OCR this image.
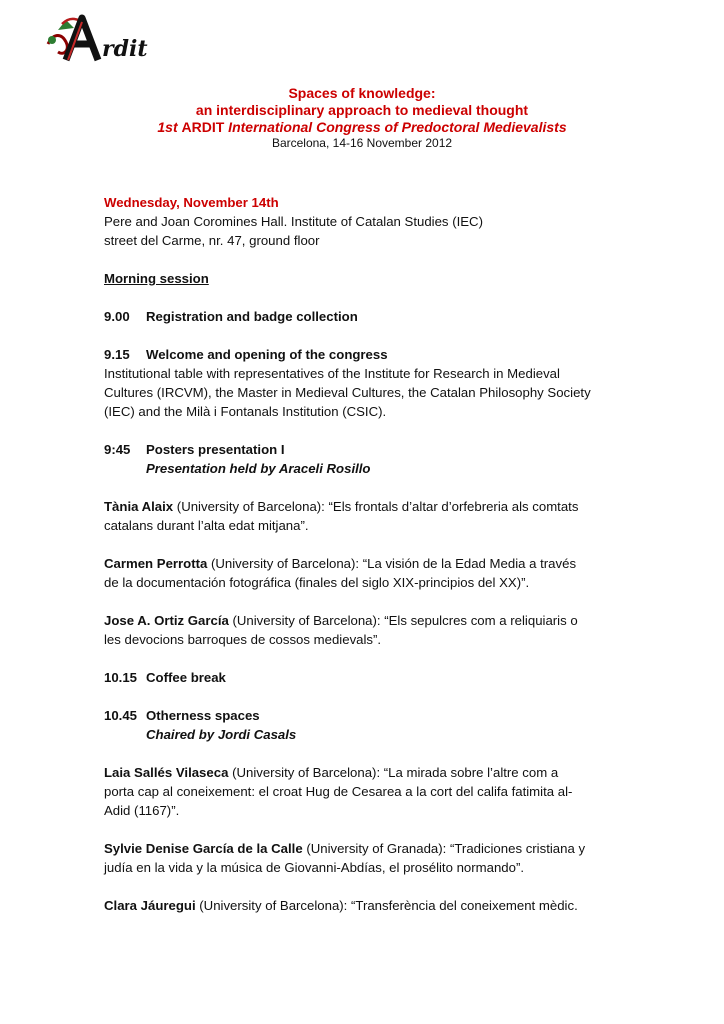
rdit
Spaces of knowledge:
an interdisciplinary approach to medieval thought
1st ARDIT International Congress of Predoctoral Medievalists
Barcelona, 14-16 November 2012
Wednesday, November 14th
Pere and Joan Coromines Hall. Institute of Catalan Studies (IEC)
street del Carme, nr. 47, ground floor
Morning session
9.00	Registration and badge collection
9.15	Welcome and opening of the congress
Institutional table with representatives of the Institute for Research in Medieval
Cultures (IRCVM), the Master in Medieval Cultures, the Catalan Philosophy Society
(IEC) and the Milà i Fontanals Institution (CSIC).
9:45	Posters presentation I
Presentation held by Araceli Rosillo
Tània Alaix (University of Barcelona): “Els frontals d’altar d’orfebreria als comtats
catalans durant l’alta edat mitjana”.
Carmen Perrotta (University of Barcelona): “La visión de la Edad Media a través
de la documentación fotográfica (finales del siglo XIX-principios del XX)”.
Jose A. Ortiz García (University of Barcelona): “Els sepulcres com a reliquiaris o
les devocions barroques de cossos medievals”.
10.15 Coffee break
10.45 Otherness spaces
Chaired by Jordi Casals
Laia Sallés Vilaseca (University of Barcelona): “La mirada sobre l’altre com a
porta cap al coneixement: el croat Hug de Cesarea a la cort del califa fatimita al-
Adid (1167)”.
Sylvie Denise García de la Calle (University of Granada): “Tradiciones cristiana y
judía en la vida y la música de Giovanni-Abdías, el prosélito normando”.
Clara Jáuregui (University of Barcelona): “Transferència del coneixement mèdic.
